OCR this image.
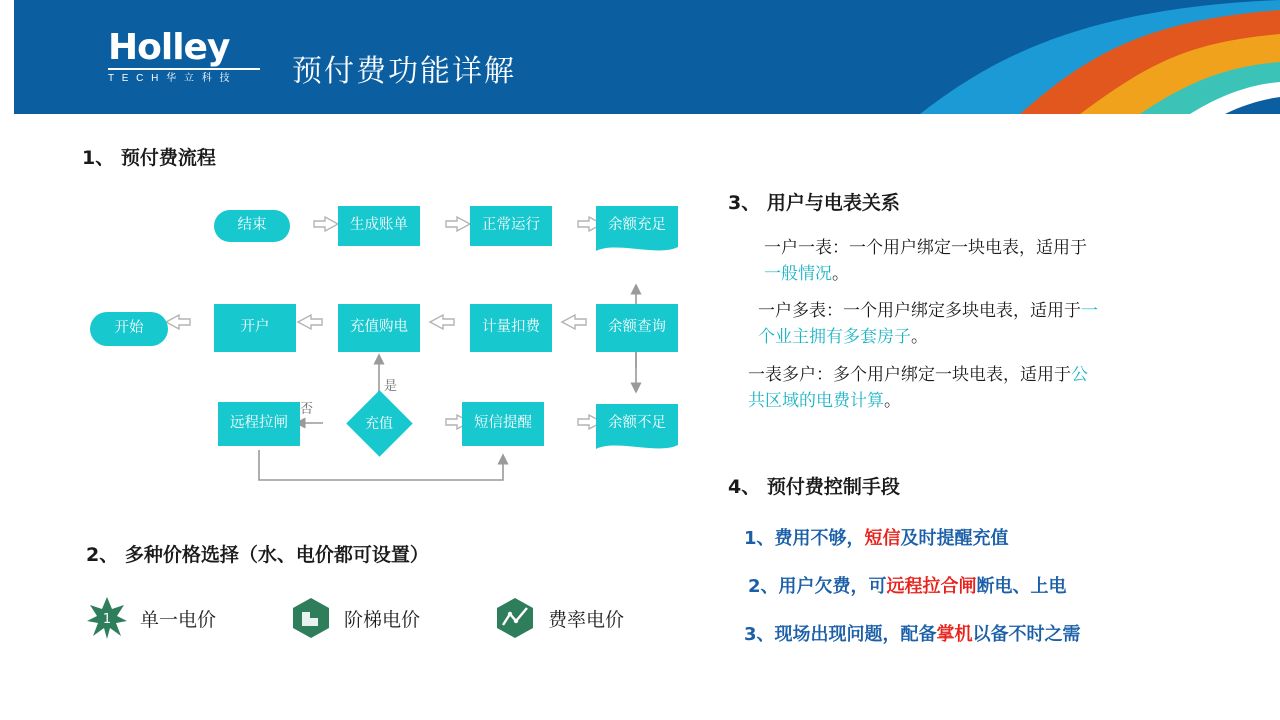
Holley
T E C H 华 立 科 技	预付费功能详解
1、 预付费流程
2、 多种价格选择（水、电价都可设置）
3、 用户与电表关系
4、 预付费控制手段
结束	生成账单	正常运行	余额充足
开始	开户	充值购电	计量扣费	余额查询
远程拉闸	充值	短信提醒	余额不足
是
否
1 单一电价	阶梯电价	费率电价
一户一表：一个用户绑定一块电表，适用于一般情况。
一户多表：一个用户绑定多块电表，适用于一个业主拥有多套房子。
一表多户：多个用户绑定一块电表，适用于公共区域的电费计算。
1、费用不够，短信及时提醒充值
2、用户欠费，可远程拉合闸断电、上电
3、现场出现问题，配备掌机以备不时之需
